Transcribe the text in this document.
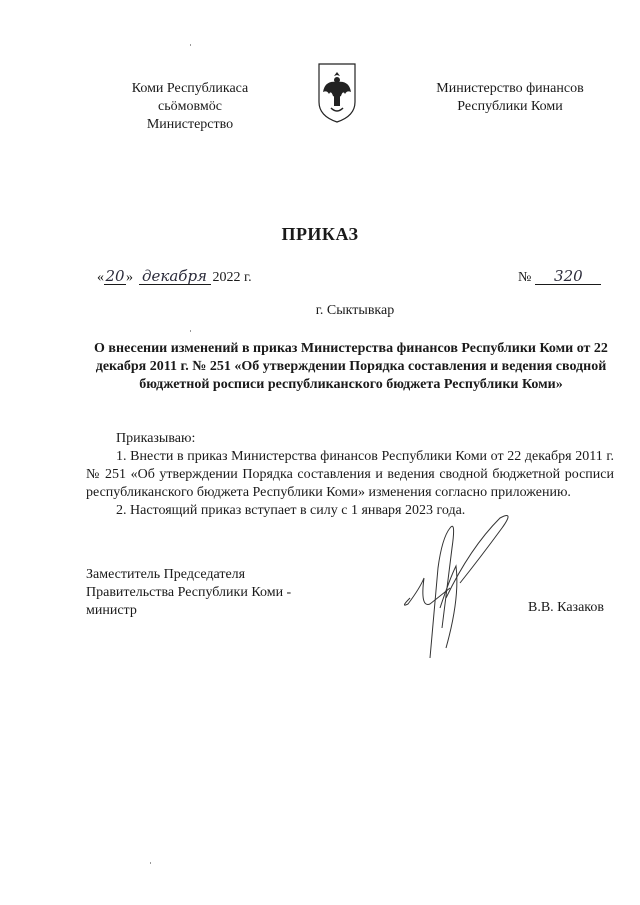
Коми Республикаса
сьӧмовмӧс
Министерство
Министерство финансов
Республики Коми
ПРИКАЗ
«20» декабря 2022 г.	№ 320
г. Сыктывкар
О внесении изменений в приказ Министерства финансов Республики Коми от 22 декабря 2011 г. № 251 «Об утверждении Порядка составления и ведения сводной бюджетной росписи республиканского бюджета Республики Коми»

Приказываю:

1. Внести в приказ Министерства финансов Республики Коми от 22 декабря 2011 г. № 251 «Об утверждении Порядка составления и ведения сводной бюджетной росписи республиканского бюджета Республики Коми» изменения согласно приложению.

2. Настоящий приказ вступает в силу с 1 января 2023 года.

Заместитель Председателя
Правительства Республики Коми -
министр	В.В. Казаков
